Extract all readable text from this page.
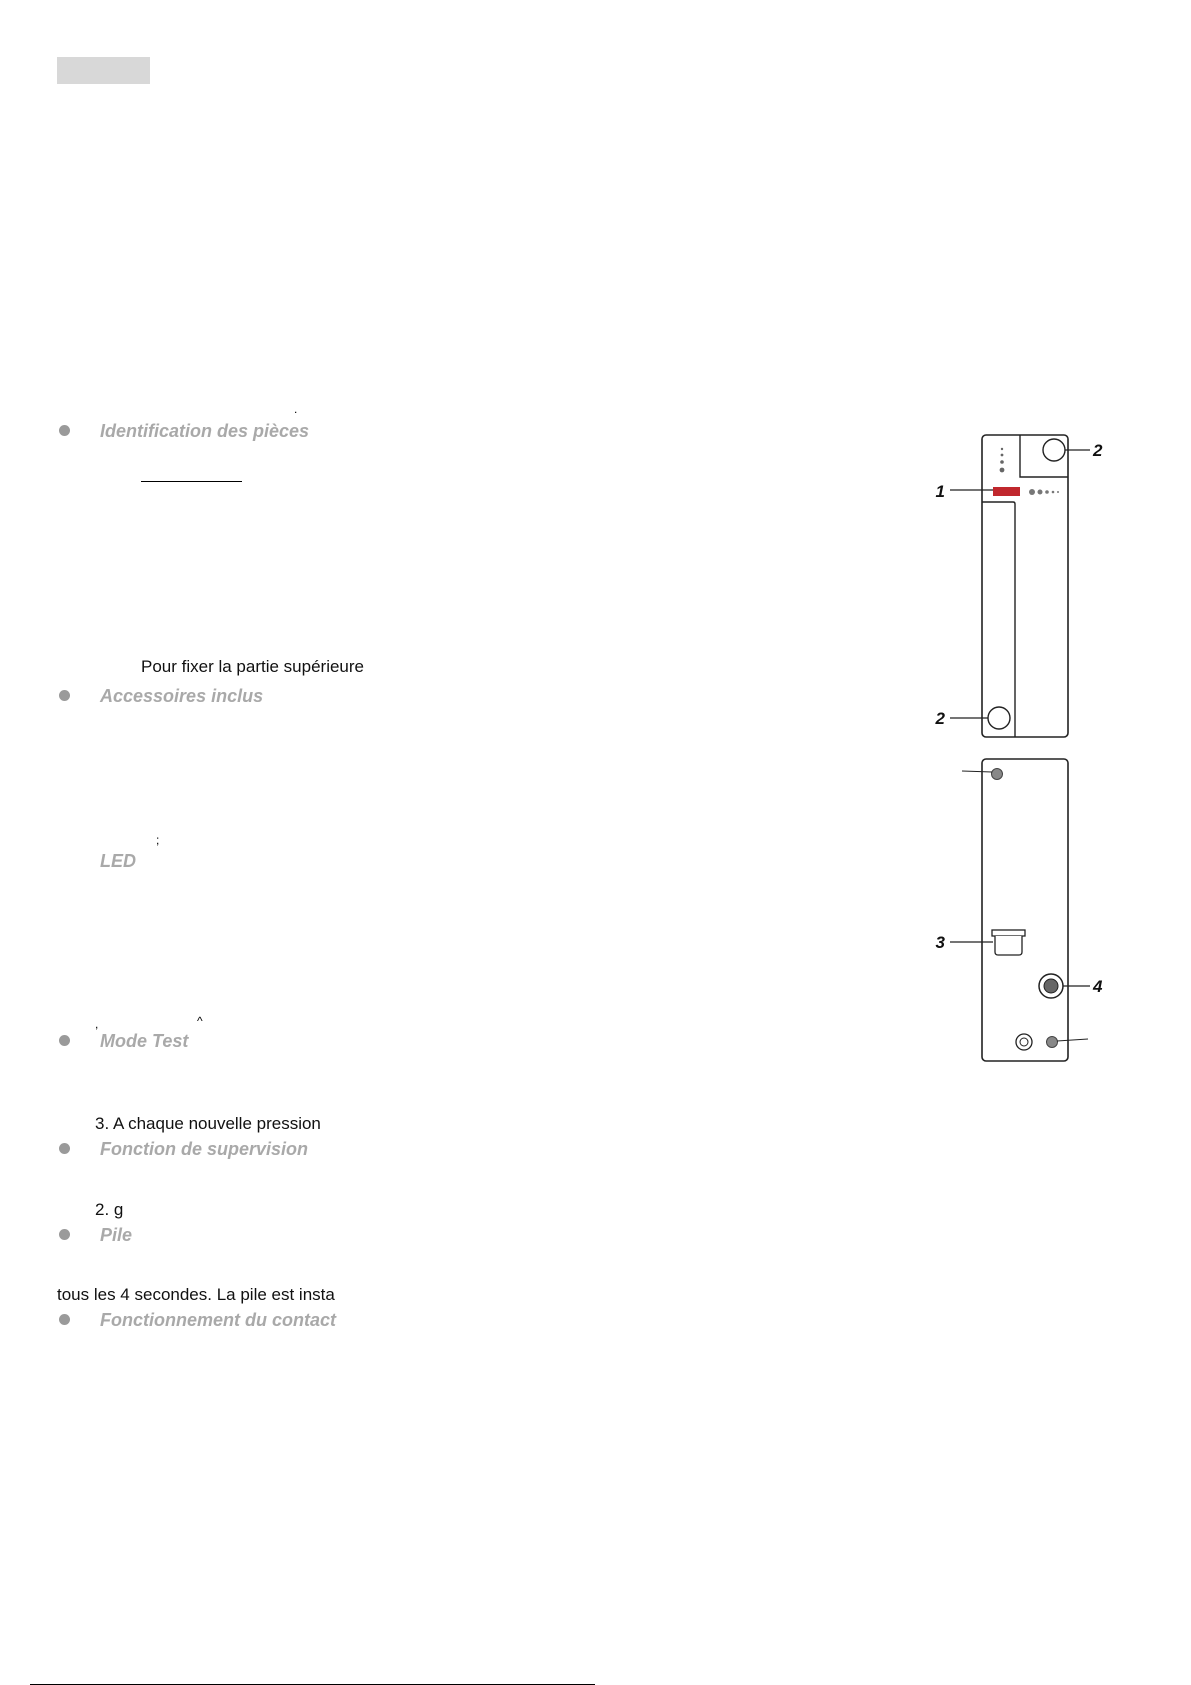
Identification des pièces
.
Pour fixer la partie supérieure
Accessoires inclus
;
LED
,	^
Mode Test
3. A chaque nouvelle pression
Fonction de supervision
2. g
Pile
tous les 4 secondes. La pile est insta
Fonctionnement du contact
1
2
2
3
4
